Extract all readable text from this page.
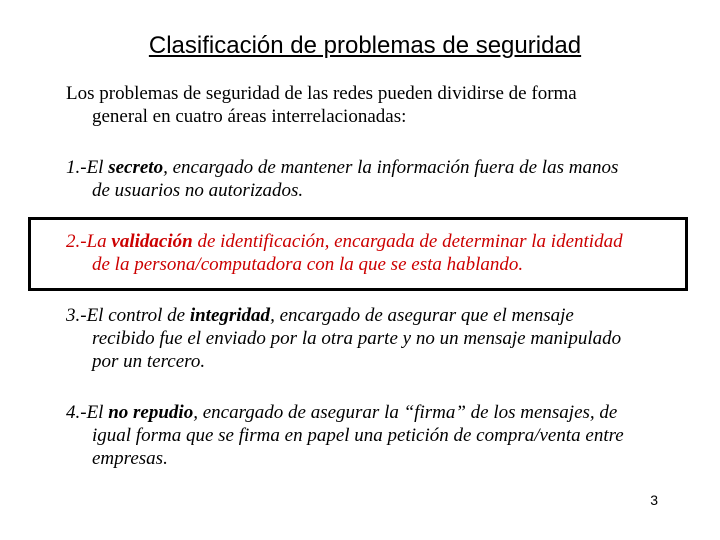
Clasificación de problemas de seguridad
Los problemas de seguridad de las redes pueden dividirse de forma
general en cuatro áreas interrelacionadas:
1.-El secreto, encargado de mantener la información fuera de las manos
de usuarios no autorizados.
2.-La validación de identificación, encargada de determinar la identidad
de la persona/computadora con la que se esta hablando.
3.-El control de integridad, encargado de asegurar que el mensaje
recibido fue el enviado por la otra parte y no un mensaje manipulado
por un tercero.
4.-El no repudio, encargado de asegurar la “firma” de los mensajes, de
igual forma que se firma en papel una petición de compra/venta entre
empresas.
3
